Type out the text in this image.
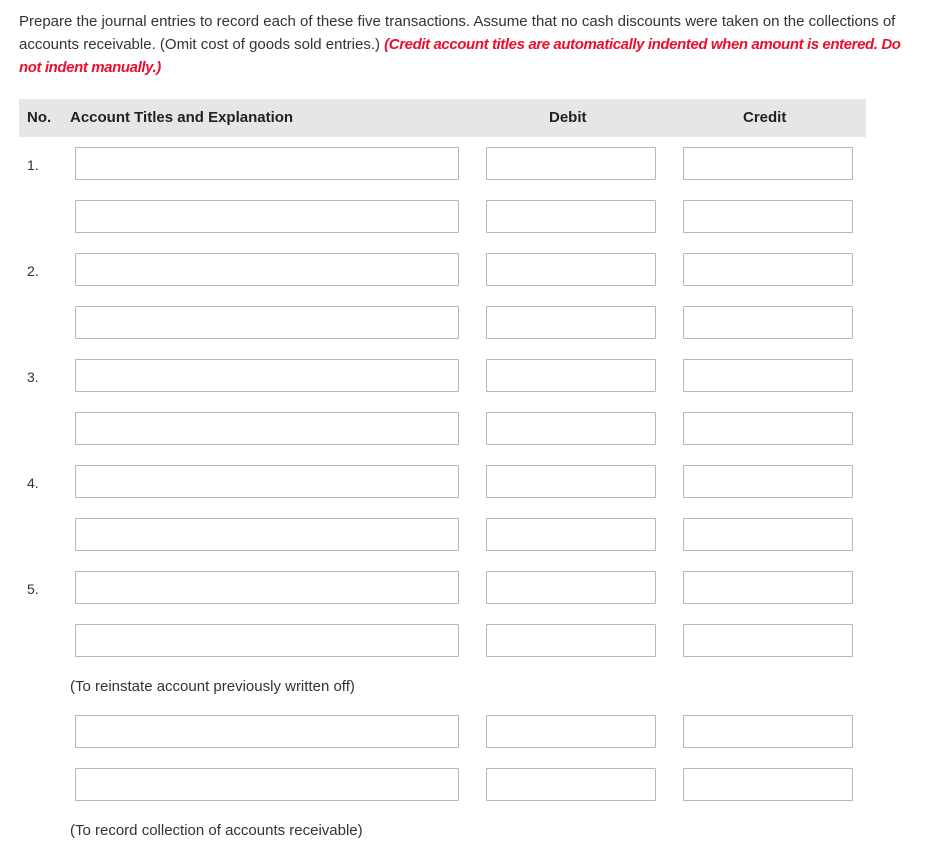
Prepare the journal entries to record each of these five transactions. Assume that no cash discounts were taken on the collections of accounts receivable. (Omit cost of goods sold entries.) (Credit account titles are automatically indented when amount is entered. Do not indent manually.)
No. Account Titles and Explanation	Debit	Credit
1.
2.
3.
4.
5.
(To reinstate account previously written off)
(To record collection of accounts receivable)
